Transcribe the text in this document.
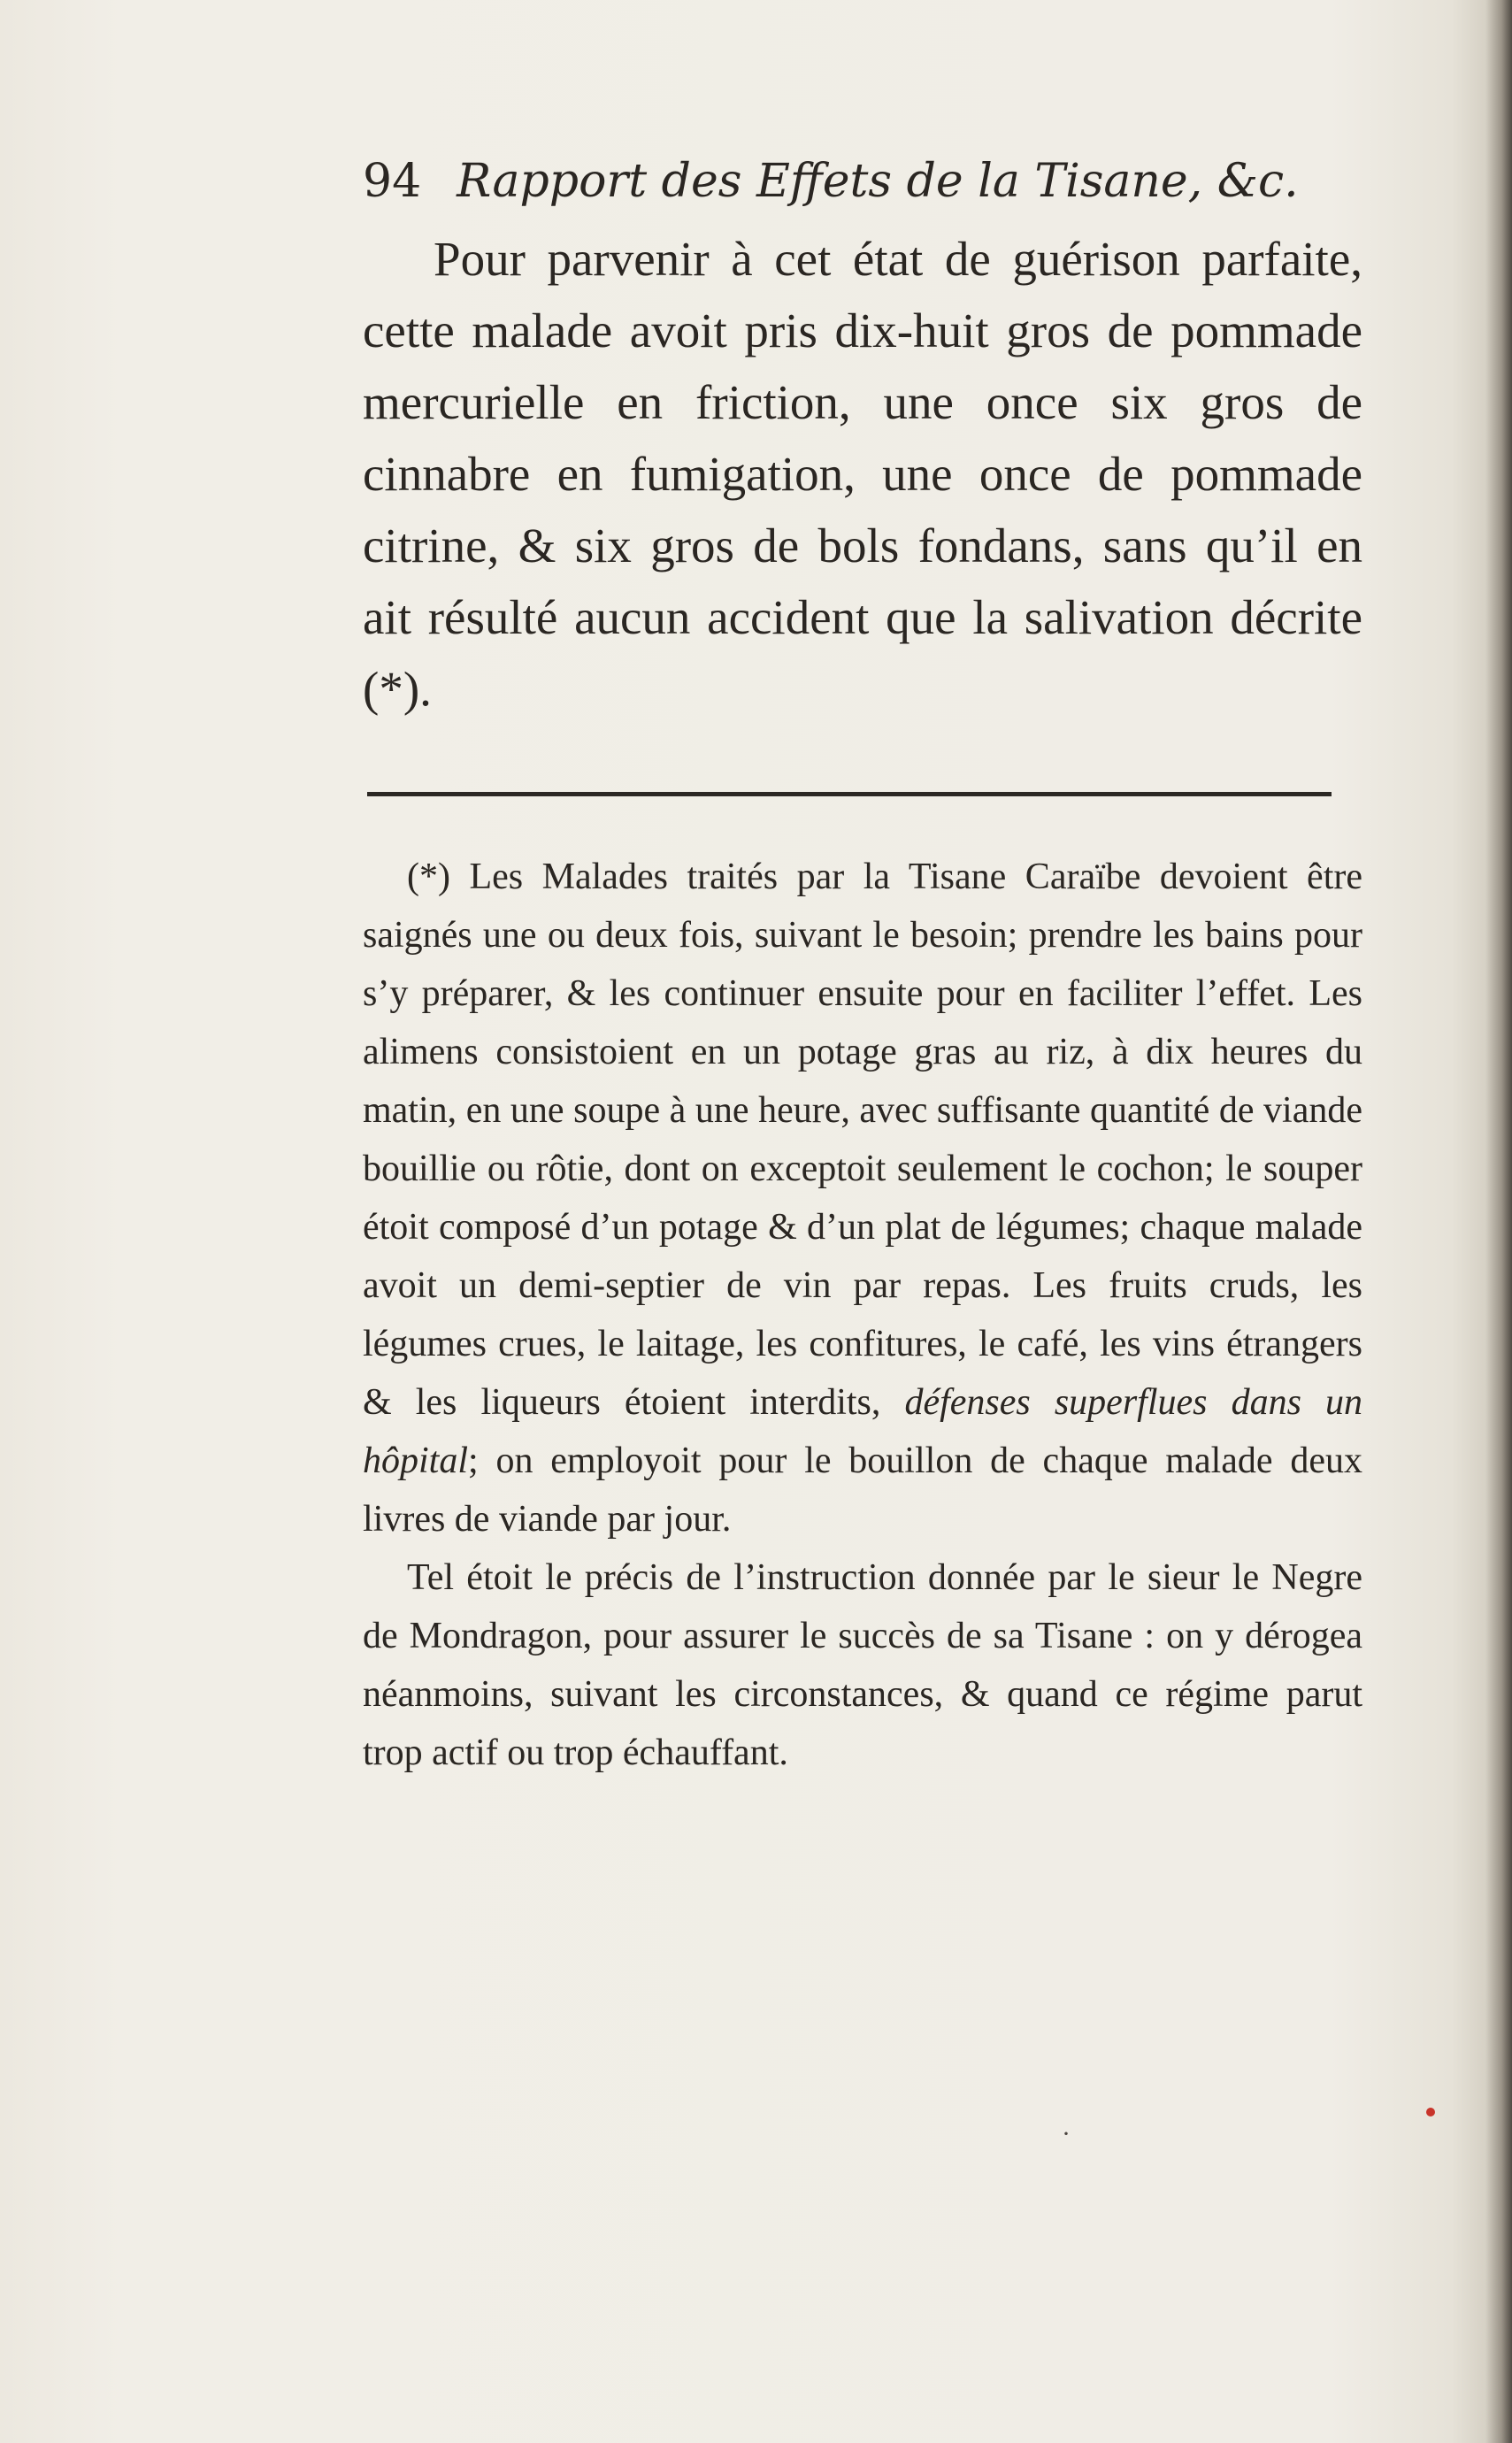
94 Rapport des Effets de la Tisane, &c.

Pour parvenir à cet état de guérison parfaite, cette malade avoit pris dix-huit gros de pommade mercurielle en friction, une once six gros de cinnabre en fumigation, une once de pommade citrine, & six gros de bols fondans, sans qu’il en ait résulté aucun accident que la salivation décrite (*).

(*) Les Malades traités par la Tisane Caraïbe devoient être saignés une ou deux fois, suivant le besoin; prendre les bains pour s’y préparer, & les continuer ensuite pour en faciliter l’effet. Les alimens consistoient en un potage gras au riz, à dix heures du matin, en une soupe à une heure, avec suffisante quantité de viande bouillie ou rôtie, dont on exceptoit seulement le cochon; le souper étoit composé d’un potage & d’un plat de légumes; chaque malade avoit un demi-septier de vin par repas. Les fruits cruds, les légumes crues, le laitage, les confitures, le café, les vins étrangers & les liqueurs étoient interdits, défenses superflues dans un hôpital; on employoit pour le bouillon de chaque malade deux livres de viande par jour.

Tel étoit le précis de l’instruction donnée par le sieur le Negre de Mondragon, pour assurer le succès de sa Tisane : on y dérogea néanmoins, suivant les circonstances, & quand ce régime parut trop actif ou trop échauffant.

·
